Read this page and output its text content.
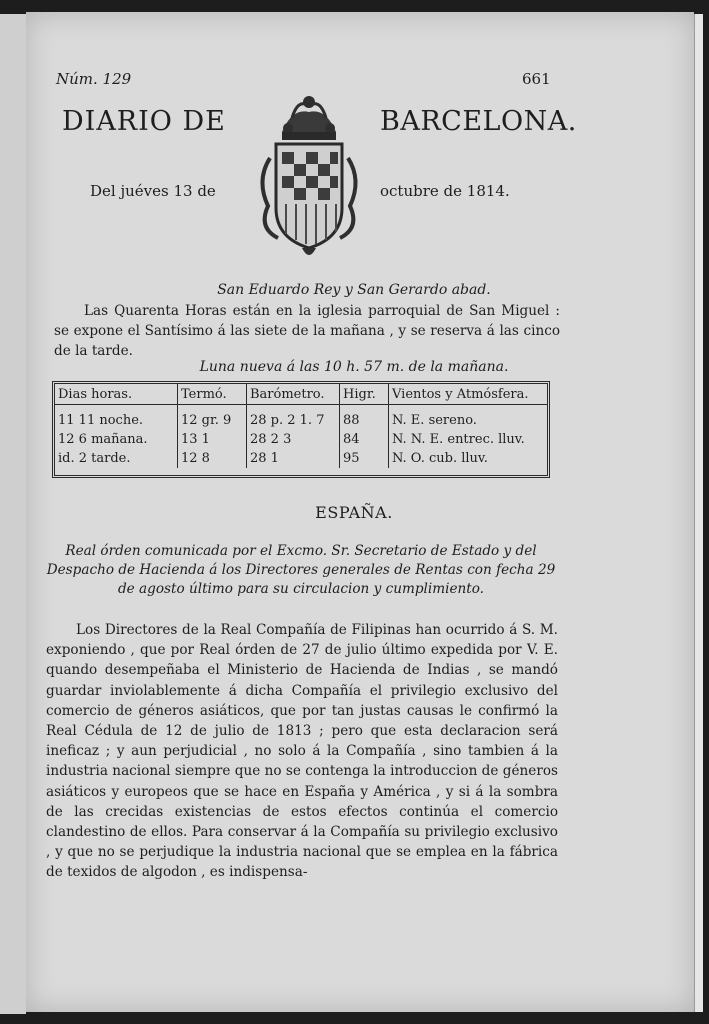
Núm. 129	661
DIARIO DE	BARCELONA.
Del juéves 13 de	octubre de 1814.
San Eduardo Rey y San Gerardo abad.
Las Quarenta Horas están en la iglesia parroquial de San Miguel : se expone el Santísimo á las siete de la mañana , y se reserva á las cinco de la tarde.
Luna nueva á las 10 h. 57 m. de la mañana.
Dias horas.	Termó.	Barómetro.	Higr.	Vientos y Atmósfera.
11 11 noche.	12 gr. 9	28 p. 2 1. 7	88	N. E. sereno.
12 6 mañana.	13 1	28 2 3	84	N. N. E. entrec. lluv.
id. 2 tarde.	12 8	28 1	95	N. O. cub. lluv.
ESPAÑA.
Real órden comunicada por el Excmo. Sr. Secretario de Estado y del Despacho de Hacienda á los Directores generales de Rentas con fecha 29 de agosto último para su circulacion y cumplimiento.
Los Directores de la Real Compañía de Filipinas han ocurrido á S. M. exponiendo , que por Real órden de 27 de julio último expedida por V. E. quando desempeñaba el Ministerio de Hacienda de Indias , se mandó guardar inviolablemente á dicha Compañía el privilegio exclusivo del comercio de géneros asiáticos, que por tan justas causas le confirmó la Real Cédula de 12 de julio de 1813 ; pero que esta declaracion será ineficaz ; y aun perjudicial , no solo á la Compañía , sino tambien á la industria nacional siempre que no se contenga la introduccion de géneros asiáticos y europeos que se hace en España y América , y si á la sombra de las crecidas existencias de estos efectos continúa el comercio clandestino de ellos. Para conservar á la Compañía su privilegio exclusivo , y que no se perjudique la industria nacional que se emplea en la fábrica de texidos de algodon , es indispensa-
